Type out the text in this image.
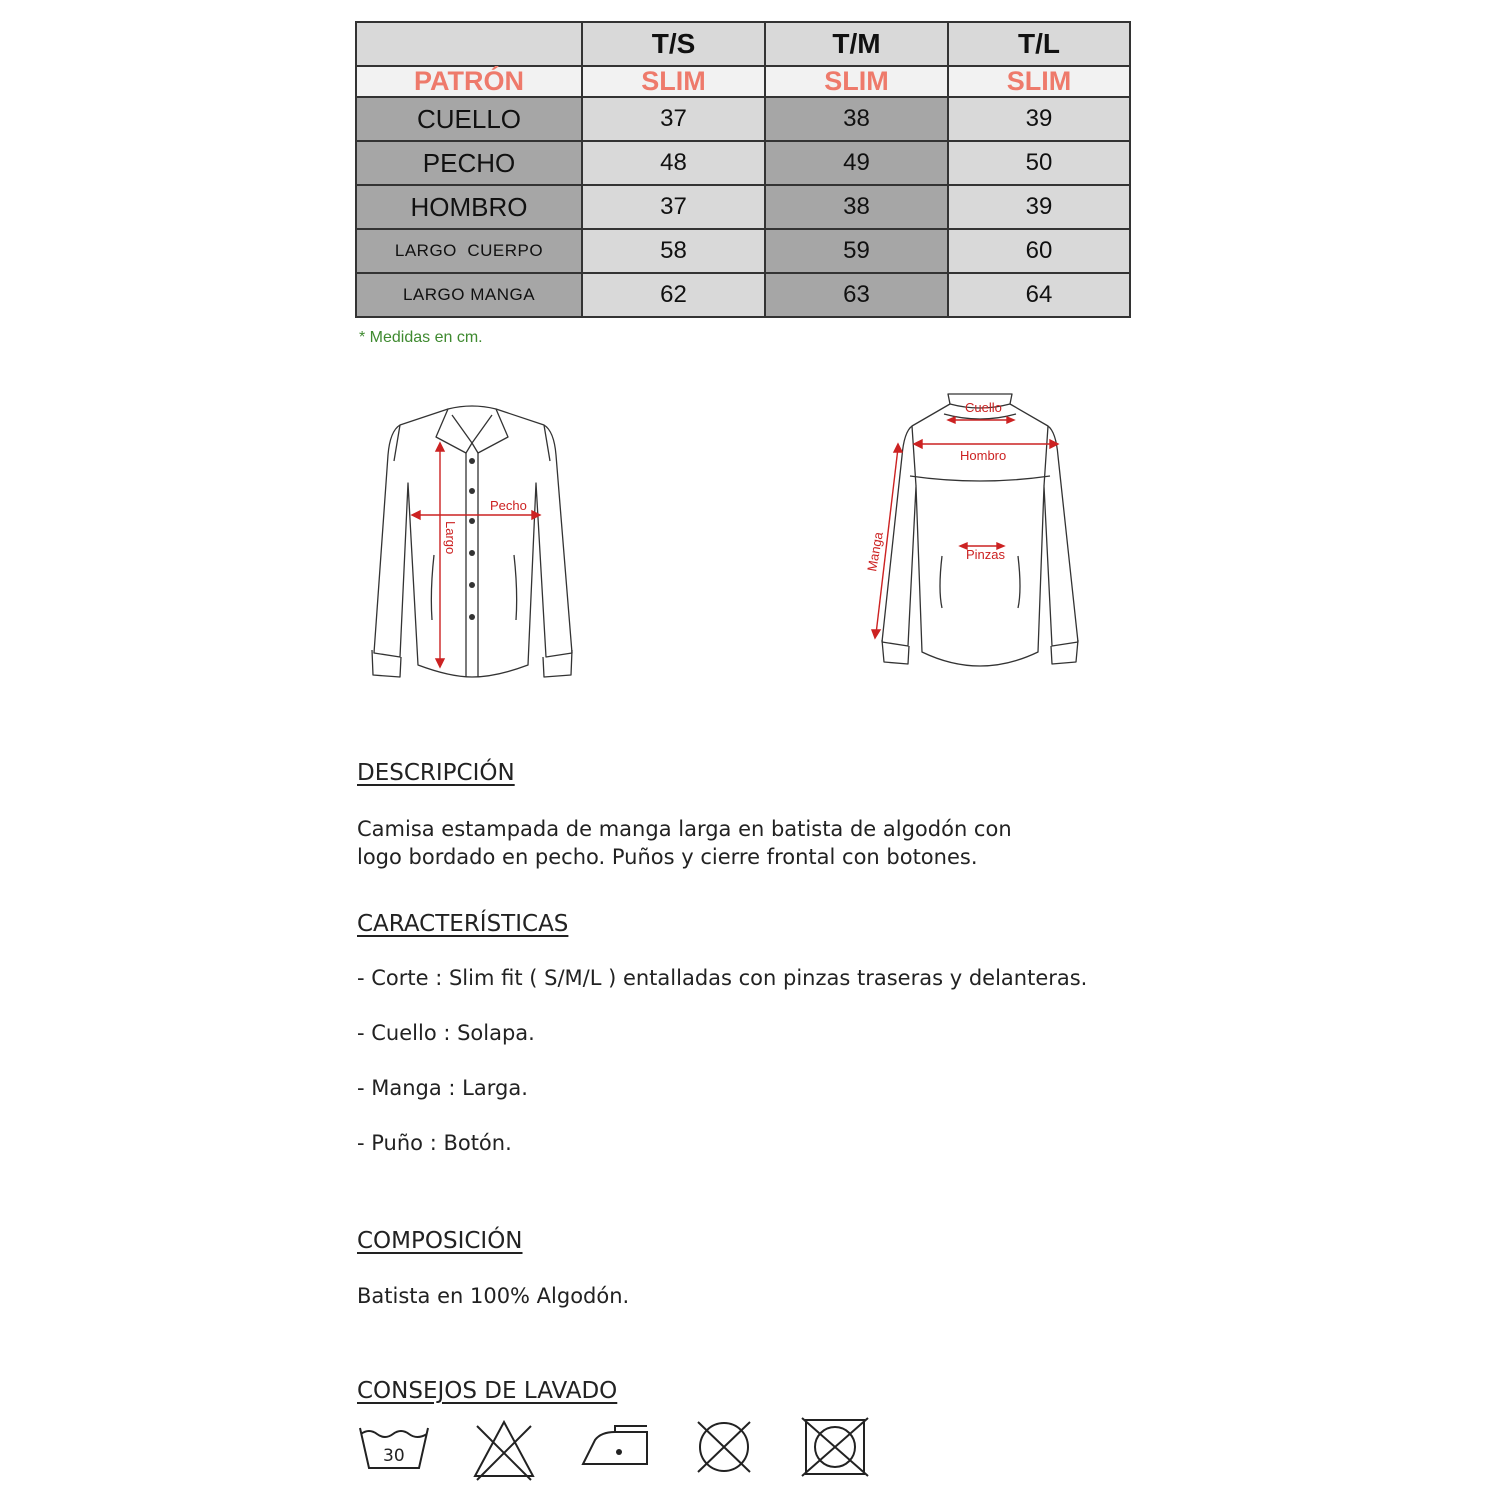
	T/S	T/M	T/L
PATRÓN	SLIM	SLIM	SLIM
CUELLO	37	38	39
PECHO	48	49	50
HOMBRO	37	38	39
LARGO  CUERPO	58	59	60
LARGO MANGA	62	63	64
* Medidas en cm.
Pecho
Largo
Cuello
Hombro
Manga	Pinzas
DESCRIPCIÓN

Camisa estampada de manga larga en batista de algodón con

logo bordado en pecho. Puños y cierre frontal con botones.

CARACTERÍSTICAS

- Corte : Slim fit ( S/M/L ) entalladas con pinzas traseras y delanteras.

- Cuello : Solapa.

- Manga : Larga.

- Puño : Botón.

COMPOSICIÓN

Batista en 100% Algodón.

CONSEJOS DE LAVADO
30
